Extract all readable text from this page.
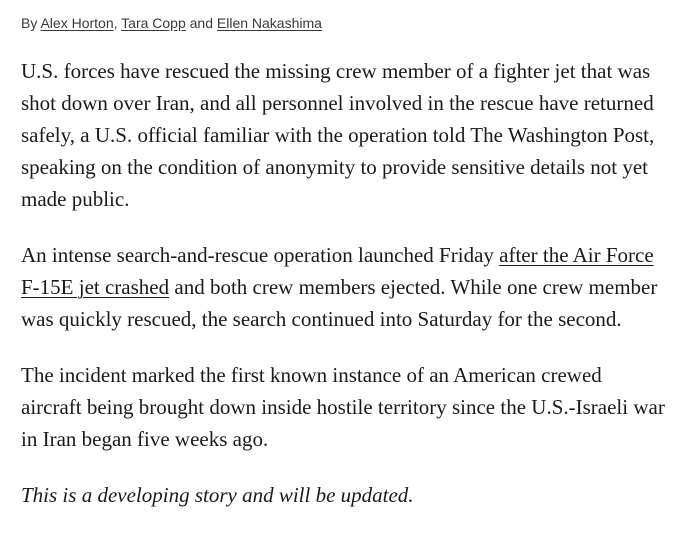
By Alex Horton, Tara Copp and Ellen Nakashima

U.S. forces have rescued the missing crew member of a fighter jet that was shot down over Iran, and all personnel involved in the rescue have returned safely, a U.S. official familiar with the operation told The Washington Post, speaking on the condition of anonymity to provide sensitive details not yet made public.

An intense search-and-rescue operation launched Friday after the Air Force F-15E jet crashed and both crew members ejected. While one crew member was quickly rescued, the search continued into Saturday for the second.

The incident marked the first known instance of an American crewed aircraft being brought down inside hostile territory since the U.S.-Israeli war in Iran began five weeks ago.

This is a developing story and will be updated.
